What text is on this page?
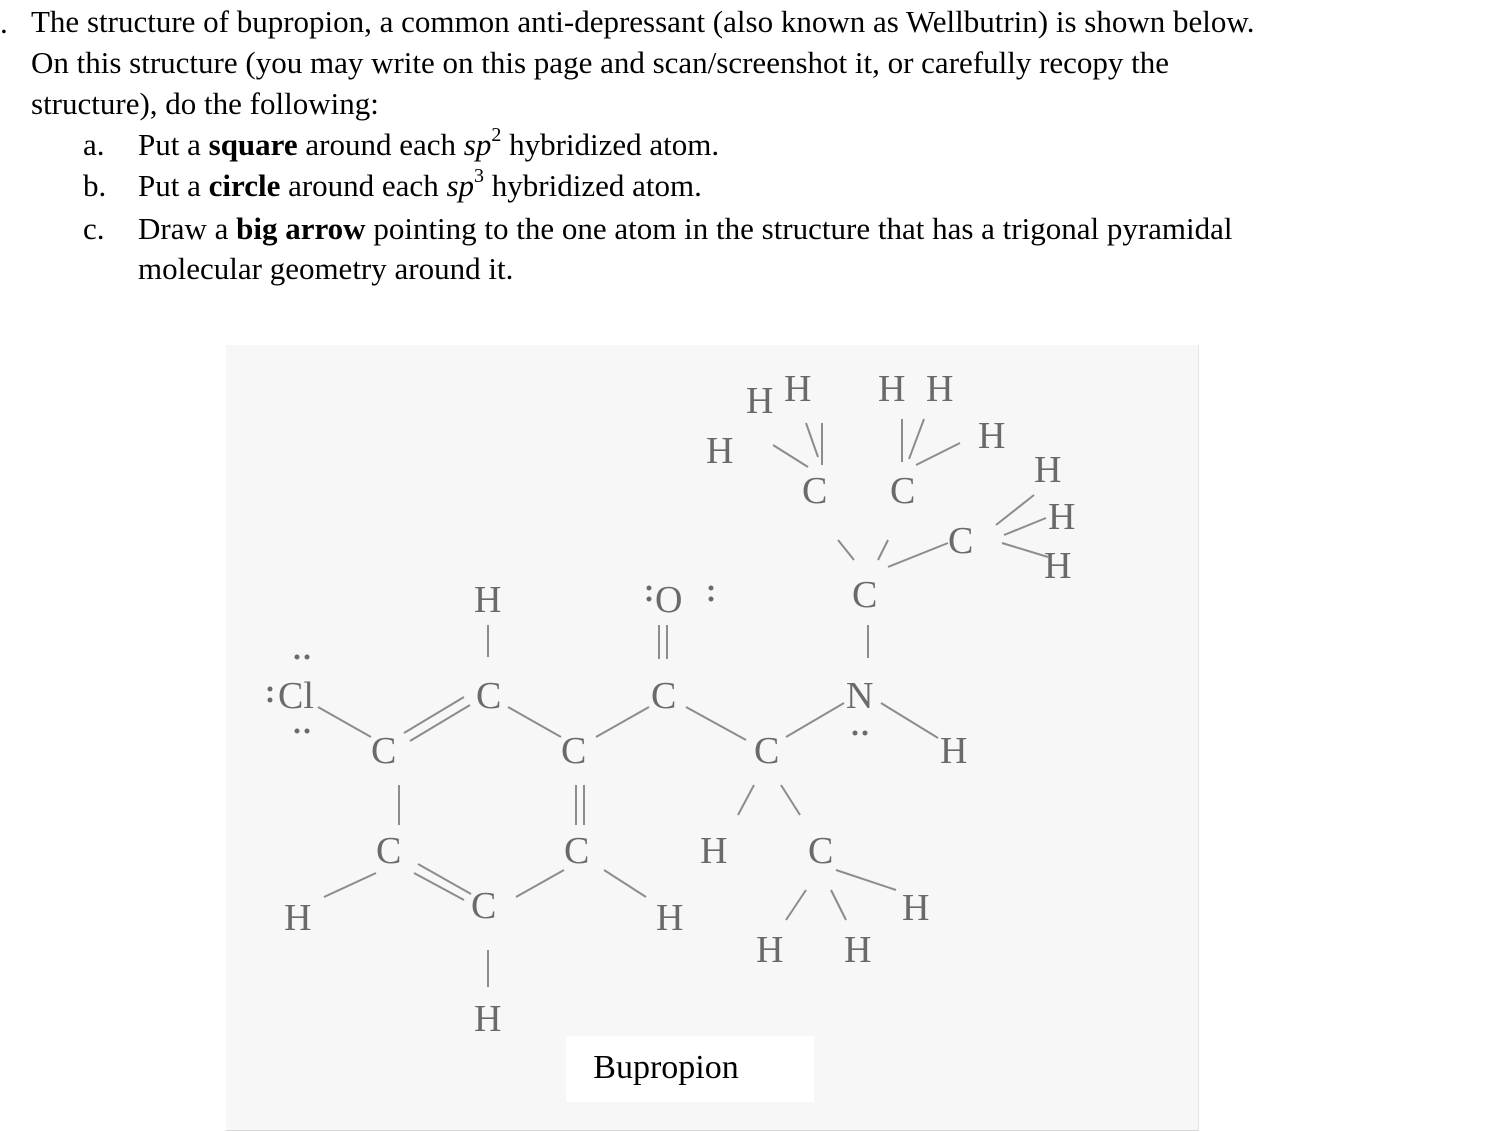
. The structure of bupropion, a common anti-depressant (also known as Wellbutrin) is shown below.

On this structure (you may write on this page and scan/screenshot it, or carefully recopy the

structure), do the following:

a. Put a square around each $sp^2$ hybridized atom.
b. Put a circle around each $sp^3$ hybridized atom.
c. Draw a big arrow pointing to the one atom in the structure that has a trigonal pyramidal
molecular geometry around it.
Cl
C
C
H
C
C
O
C
N
H
C
C C
C
H H
H
H H
H
H
H
H
C	C	H C
H	C	H	H
H H
H
Bupropion
